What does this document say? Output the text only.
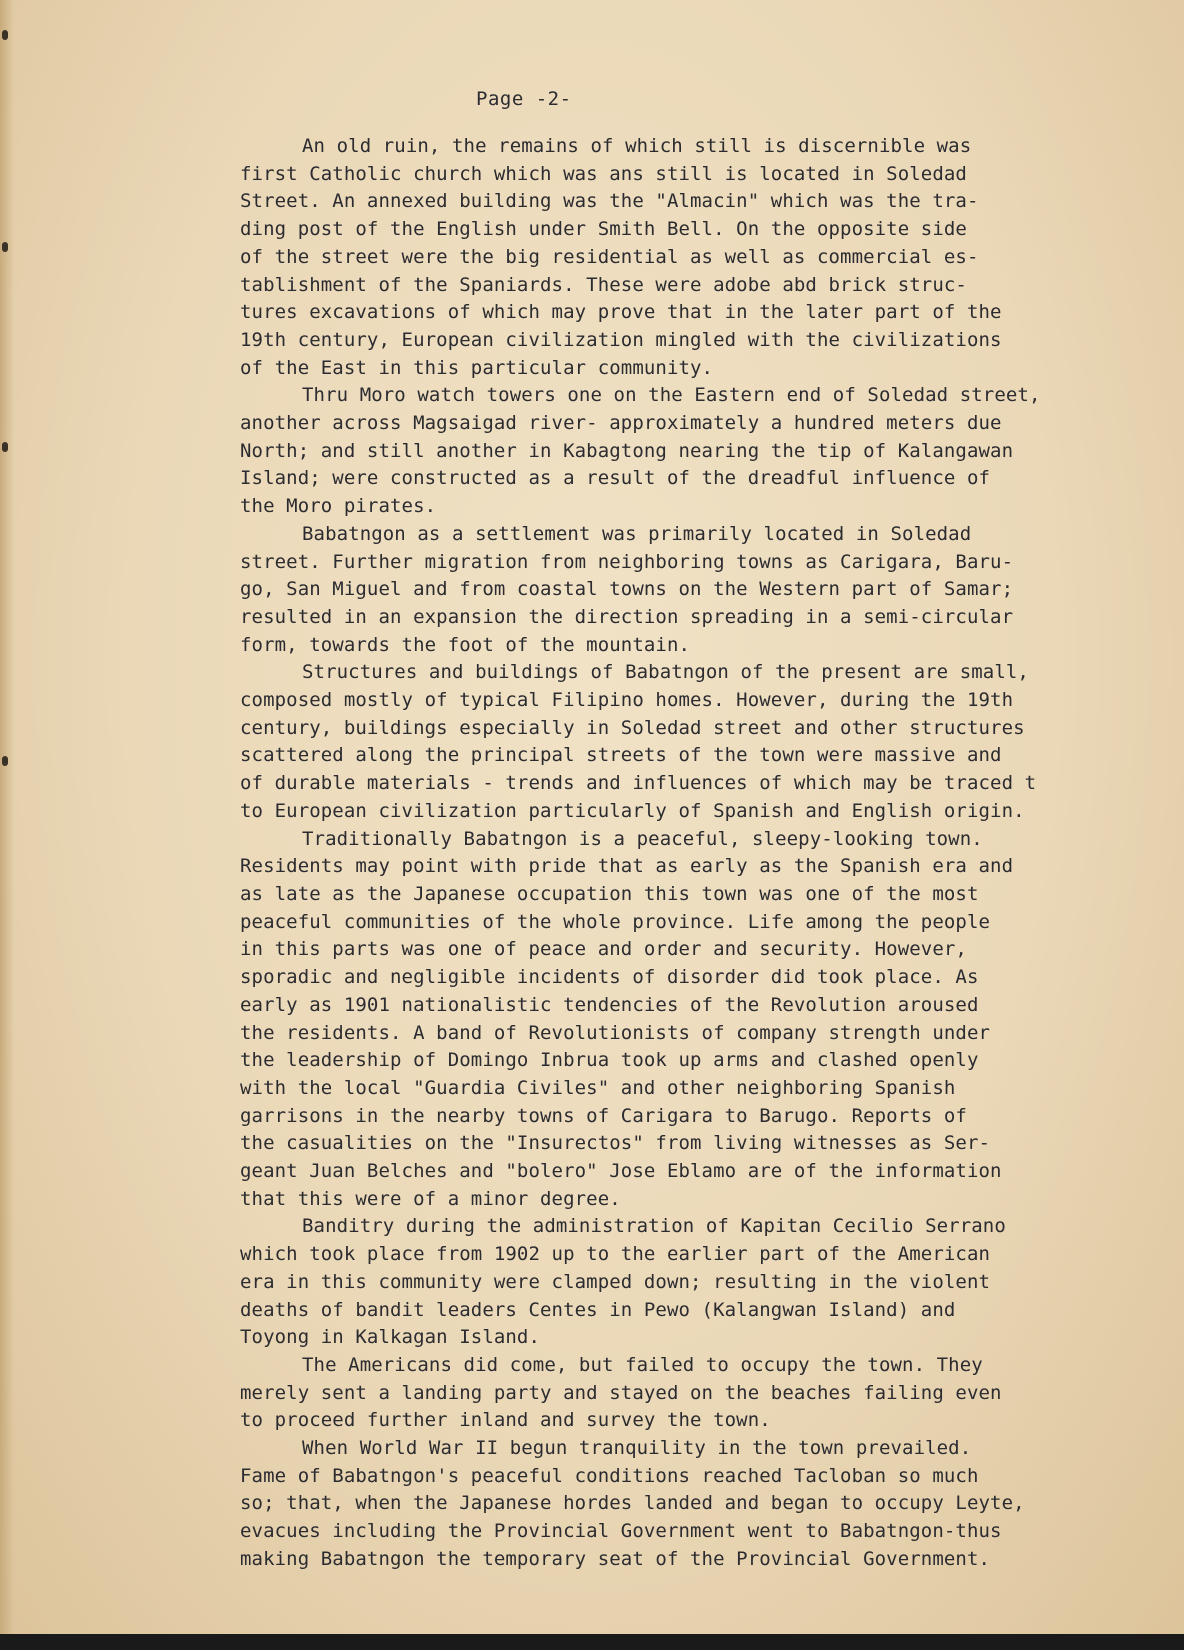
Page -2-

An old ruin, the remains of which still is discernible was
first Catholic church which was ans still is located in Soledad
Street. An annexed building was the "Almacin" which was the tra-
ding post of the English under Smith Bell. On the opposite side
of the street were the big residential as well as commercial es-
tablishment of the Spaniards. These were adobe abd brick struc-
tures excavations of which may prove that in the later part of the
19th century, European civilization mingled with the civilizations
of the East in this particular community.

Thru Moro watch towers one on the Eastern end of Soledad street,
another across Magsaigad river- approximately a hundred meters due
North; and still another in Kabagtong nearing the tip of Kalangawan
Island; were constructed as a result of the dreadful influence of
the Moro pirates.

Babatngon as a settlement was primarily located in Soledad
street. Further migration from neighboring towns as Carigara, Baru-
go, San Miguel and from coastal towns on the Western part of Samar;
resulted in an expansion the direction spreading in a semi-circular
form, towards the foot of the mountain.

Structures and buildings of Babatngon of the present are small,
composed mostly of typical Filipino homes. However, during the 19th
century, buildings especially in Soledad street and other structures
scattered along the principal streets of the town were massive and
of durable materials - trends and influences of which may be traced t
to European civilization particularly of Spanish and English origin.

Traditionally Babatngon is a peaceful, sleepy-looking town.
Residents may point with pride that as early as the Spanish era and
as late as the Japanese occupation this town was one of the most
peaceful communities of the whole province. Life among the people
in this parts was one of peace and order and security. However,
sporadic and negligible incidents of disorder did took place. As
early as 1901 nationalistic tendencies of the Revolution aroused
the residents. A band of Revolutionists of company strength under
the leadership of Domingo Inbrua took up arms and clashed openly
with the local "Guardia Civiles" and other neighboring Spanish
garrisons in the nearby towns of Carigara to Barugo. Reports of
the casualities on the "Insurectos" from living witnesses as Ser-
geant Juan Belches and "bolero" Jose Eblamo are of the information
that this were of a minor degree.

Banditry during the administration of Kapitan Cecilio Serrano
which took place from 1902 up to the earlier part of the American
era in this community were clamped down; resulting in the violent
deaths of bandit leaders Centes in Pewo (Kalangwan Island) and
Toyong in Kalkagan Island.

The Americans did come, but failed to occupy the town. They
merely sent a landing party and stayed on the beaches failing even
to proceed further inland and survey the town.

When World War II begun tranquility in the town prevailed.
Fame of Babatngon's peaceful conditions reached Tacloban so much
so; that, when the Japanese hordes landed and began to occupy Leyte,
evacues including the Provincial Government went to Babatngon-thus
making Babatngon the temporary seat of the Provincial Government.
